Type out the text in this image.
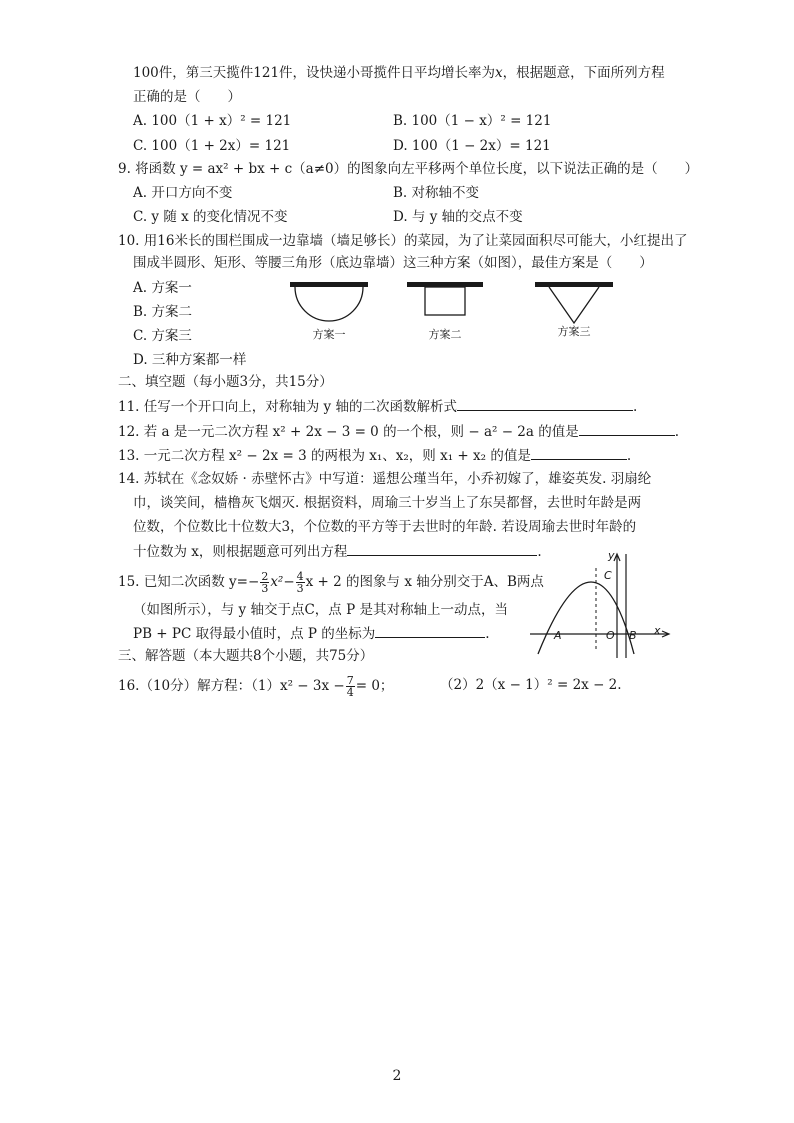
100件，第三天揽件121件，设快递小哥揽件日平均增长率为x，根据题意，下面所列方程
正确的是（　　）
A. 100（1 + x）² = 121	B. 100（1 − x）² = 121
C. 100（1 + 2x）= 121	D. 100（1 − 2x）= 121
9. 将函数 y = ax² + bx + c（a≠0）的图象向左平移两个单位长度，以下说法正确的是（　　）
A. 开口方向不变	B. 对称轴不变
C. y 随 x 的变化情况不变	D. 与 y 轴的交点不变
10. 用16米长的围栏围成一边靠墙（墙足够长）的菜园，为了让菜园面积尽可能大，小红提出了
围成半圆形、矩形、等腰三角形（底边靠墙）这三种方案（如图），最佳方案是（　　）
A. 方案一
B. 方案二
C. 方案三
D. 三种方案都一样
方案一	方案二	方案三
二、填空题（每小题3分，共15分）
11. 任写一个开口向上，对称轴为 y 轴的二次函数解析式	.
12. 若 a 是一元二次方程 x² + 2x − 3 = 0 的一个根，则 − a² − 2a 的值是	.
13. 一元二次方程 x² − 2x = 3 的两根为 x₁、x₂，则 x₁ + x₂ 的值是	.
14. 苏轼在《念奴娇 · 赤壁怀古》中写道：遥想公瑾当年，小乔初嫁了，雄姿英发. 羽扇纶
巾，谈笑间，樯橹灰飞烟灭. 根据资料，周瑜三十岁当上了东吴都督，去世时年龄是两
位数，个位数比十位数大3，个位数的平方等于去世时的年龄. 若设周瑜去世时年龄的
十位数为 x，则根据题意可列出方程	.
15. 已知二次函数 $y=- \frac{2}{3} x^2- \frac{4}{3}$ x + 2 的图象与 x 轴分别交于A、B两点
（如图所示），与 y 轴交于点C，点 P 是其对称轴上一动点，当
PB + PC 取得最小值时，点 P 的坐标为	.
y
x
C
A	O B
三、解答题（本大题共8个小题，共75分）
16.（10分）解方程：$(1)x^2 - 3x - \frac{7}{4} = 0$；	（2）2（x − 1）² = 2x − 2.
2
